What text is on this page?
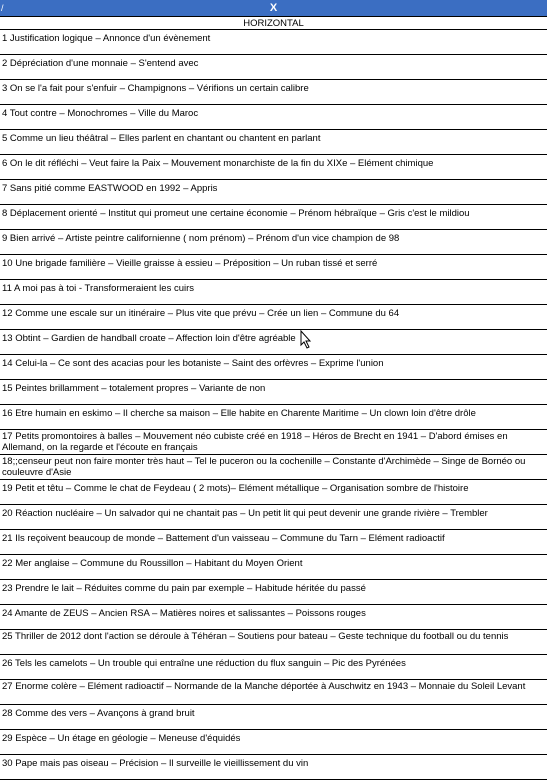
/	X
HORIZONTAL
1 Justification logique – Annonce d'un évènement
2 Dépréciation d'une monnaie – S'entend avec
3 On se l'a fait pour s'enfuir – Champignons – Vérifions un certain calibre
4 Tout contre – Monochromes – Ville du Maroc
5 Comme un lieu théâtral – Elles parlent en chantant ou chantent en parlant
6 On le dit réfléchi – Veut faire la Paix – Mouvement monarchiste de la fin du XIXe – Elément chimique
7 Sans pitié comme EASTWOOD en 1992 – Appris
8 Déplacement orienté – Institut qui promeut une certaine économie – Prénom hébraïque – Gris c'est le mildiou
9 Bien arrivé – Artiste peintre californienne ( nom prénom) – Prénom d'un vice champion de 98
10 Une brigade familière – Vieille graisse à essieu – Préposition – Un ruban tissé et serré
11 A moi pas à toi - Transformeraient les cuirs
12 Comme une escale sur un itinéraire – Plus vite que prévu – Crée un lien – Commune du 64
13 Obtint – Gardien de handball croate – Affection loin d'être agréable
14 Celui-la – Ce sont des acacias pour les botaniste – Saint des orfèvres – Exprime l'union
15 Peintes brillamment – totalement propres – Variante de non
16 Etre humain en eskimo – Il cherche sa maison – Elle habite en Charente Maritime – Un clown loin d'être drôle
17 Petits promontoires à balles – Mouvement néo cubiste créé en 1918 – Héros de Brecht en 1941 – D'abord émises en Allemand, on la regarde et l'écoute en français
18;;censeur peut non faire monter très haut – Tel le puceron ou la cochenille – Constante d'Archimède – Singe de Bornéo ou couleuvre d'Asie
19 Petit et têtu – Comme le chat de Feydeau ( 2 mots)– Elément métallique – Organisation sombre de l'histoire
20 Réaction nucléaire – Un salvador qui ne chantait pas – Un petit lit qui peut devenir une grande rivière – Trembler
21 Ils reçoivent beaucoup de monde – Battement d'un vaisseau – Commune du Tarn – Elément radioactif
22 Mer anglaise – Commune du Roussillon – Habitant du Moyen Orient
23 Prendre le lait – Réduites comme du pain par exemple – Habitude héritée du passé
24 Amante de ZEUS – Ancien RSA – Matières noires et salissantes – Poissons rouges
25 Thriller de 2012 dont l'action se déroule à Téhéran – Soutiens pour bateau – Geste technique du football ou du tennis
26 Tels les camelots – Un trouble qui entraîne une réduction du flux sanguin – Pic des Pyrénées
27 Enorme colère – Elément radioactif – Normande de la Manche déportée à Auschwitz en 1943 – Monnaie du Soleil Levant
28 Comme des vers – Avançons à grand bruit
29 Espèce – Un étage en géologie – Meneuse d'équidés
30 Pape mais pas oiseau – Précision – Il surveille le vieillissement du vin
